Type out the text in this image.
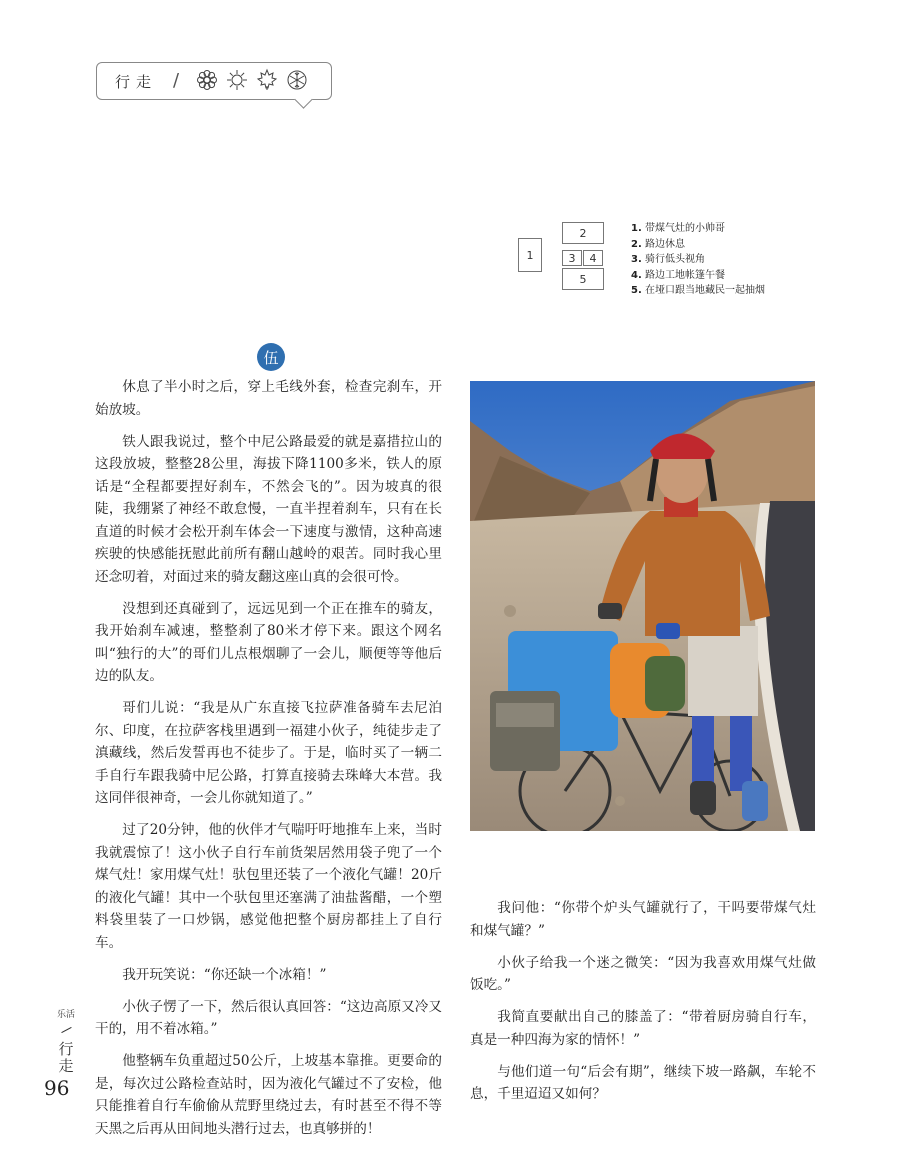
行走 /
1
2
3	4
5
1. 带煤气灶的小帅哥
2. 路边休息
3. 骑行低头视角
4. 路边工地帐篷午餐
5. 在垭口跟当地藏民一起抽烟
伍

休息了半小时之后，穿上毛线外套，检查完刹车，开始放坡。

铁人跟我说过，整个中尼公路最爱的就是嘉措拉山的这段放坡，整整28公里，海拔下降1100多米，铁人的原话是“全程都要捏好刹车，不然会飞的”。因为坡真的很陡，我绷紧了神经不敢怠慢，一直半捏着刹车，只有在长直道的时候才会松开刹车体会一下速度与激情，这种高速疾驶的快感能抚慰此前所有翻山越岭的艰苦。同时我心里还念叨着，对面过来的骑友翻这座山真的会很可怜。

没想到还真碰到了，远远见到一个正在推车的骑友，我开始刹车减速，整整刹了80米才停下来。跟这个网名叫“独行的大”的哥们儿点根烟聊了一会儿，顺便等等他后边的队友。

哥们儿说：“我是从广东直接飞拉萨准备骑车去尼泊尔、印度，在拉萨客栈里遇到一福建小伙子，纯徒步走了滇藏线，然后发誓再也不徒步了。于是，临时买了一辆二手自行车跟我骑中尼公路，打算直接骑去珠峰大本营。我这同伴很神奇，一会儿你就知道了。”

过了20分钟，他的伙伴才气喘吁吁地推车上来，当时我就震惊了！这小伙子自行车前货架居然用袋子兜了一个煤气灶！家用煤气灶！驮包里还装了一个液化气罐！20斤的液化气罐！其中一个驮包里还塞满了油盐酱醋，一个塑料袋里装了一口炒锅，感觉他把整个厨房都挂上了自行车。

我开玩笑说：“你还缺一个冰箱！”

小伙子愣了一下，然后很认真回答：“这边高原又冷又干的，用不着冰箱。”

他整辆车负重超过50公斤，上坡基本靠推。更要命的是，每次过公路检查站时，因为液化气罐过不了安检，他只能推着自行车偷偷从荒野里绕过去，有时甚至不得不等天黑之后再从田间地头潜行过去，也真够拼的！

我问他：“你带个炉头气罐就行了，干吗要带煤气灶和煤气罐？”

小伙子给我一个迷之微笑：“因为我喜欢用煤气灶做饭吃。”

我简直要献出自己的膝盖了：“带着厨房骑自行车，真是一种四海为家的情怀！”

与他们道一句“后会有期”，继续下坡一路飙，车轮不息，千里迢迢又如何？

乐活
/
行走
96
